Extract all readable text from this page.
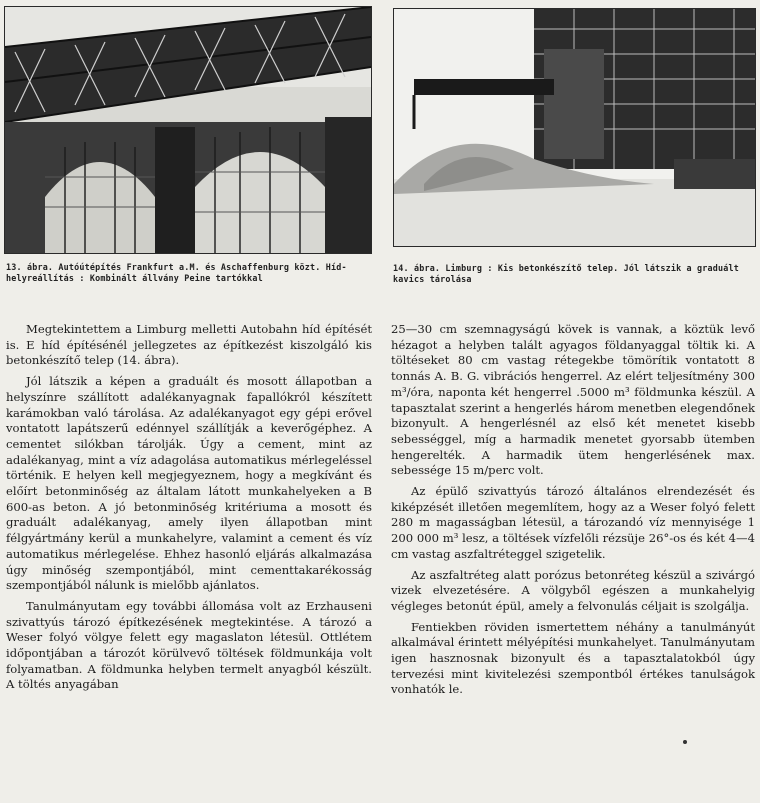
13. ábra. Autóútépítés Frankfurt a.M. és Aschaffenburg közt. Hídhelyreállítás : Kombinált állvány Peine tartókkal
14. ábra. Limburg : Kis betonkészítő telep. Jól látszik a graduált kavics tárolása

Megtekintettem a Limburg melletti Autobahn híd építését is. E híd építésénél jellegzetes az építkezést kiszolgáló kis betonkészítő telep (14. ábra).

Jól látszik a képen a graduált és mosott állapotban a helyszínre szállított adalékanyagnak fapallókról készített karámokban való tárolása. Az adalékanyagot egy gépi erővel vontatott lapátszerű edénnyel szállítják a keverőgéphez. A cementet silókban tárolják. Úgy a cement, mint az adalékanyag, mint a víz adagolása automatikus mérlegeléssel történik. E helyen kell megjegyeznem, hogy a megkívánt és előírt betonminőség az általam látott munkahelyeken a B 600-as beton. A jó betonminőség kritériuma a mosott és graduált adalékanyag, amely ilyen állapotban mint félgyártmány kerül a munkahelyre, valamint a cement és víz automatikus mérlegelése. Ehhez hasonló eljárás alkalmazása úgy minőség szempontjából, mint cementtakarékosság szempontjából nálunk is mielőbb ajánlatos.

Tanulmányutam egy további állomása volt az Erzhauseni szivattyús tározó építkezésének megtekintése. A tározó a Weser folyó völgye felett egy magaslaton létesül. Ottlétem időpontjában a tározót körülvevő töltések földmunkája volt folyamatban. A földmunka helyben termelt anyagból készült. A töltés anyagában

25—30 cm szemnagyságú kövek is vannak, a köztük levő hézagot a helyben talált agyagos földanyaggal töltik ki. A töltéseket 80 cm vastag rétegekbe tömörítik vontatott 8 tonnás A. B. G. vibrációs hengerrel. Az elért teljesítmény 300 m³/óra, naponta két hengerrel .5000 m³ földmunka készül. A tapasztalat szerint a hengerlés három menetben elegendőnek bizonyult. A hengerlésnél az első két menetet kisebb sebességgel, míg a harmadik menetet gyorsabb ütemben hengerelték. A harmadik ütem hengerlésének max. sebessége 15 m/perc volt.

Az épülő szivattyús tározó általános elrendezését és kiképzését illetően megemlítem, hogy az a Weser folyó felett 280 m magasságban létesül, a tározandó víz mennyisége 1 200 000 m³ lesz, a töltések vízfelőli rézsüje 26°-os és két 4—4 cm vastag aszfaltréteggel szigetelik.

Az aszfaltréteg alatt porózus betonréteg készül a szivárgó vizek elvezetésére. A völgyből egészen a munkahelyig végleges betonút épül, amely a felvonulás céljait is szolgálja.

Fentiekben röviden ismertettem néhány a tanulmányút alkalmával érintett mélyépítési munkahelyet. Tanulmányutam igen hasznosnak bizonyult és a tapasztalatokból úgy tervezési mint kivitelezési szempontból értékes tanulságok vonhatók le.
